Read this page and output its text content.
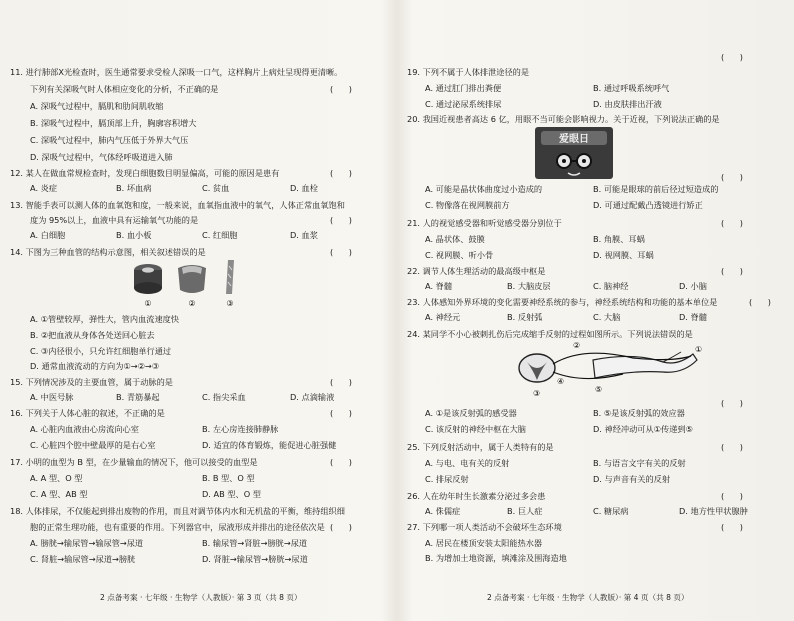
11. 进行肺部X光检查时，医生通常要求受检人深吸一口气，这样胸片上病灶呈现得更清晰。
下列有关深吸气时人体相应变化的分析，不正确的是	(      )
A. 深吸气过程中，膈肌和肋间肌收缩
B. 深吸气过程中，膈顶部上升，胸廓容积增大
C. 深吸气过程中，肺内气压低于外界大气压
D. 深吸气过程中，气体经呼吸道进入肺
12. 某人在做血常规检查时，发现白细胞数目明显偏高，可能的原因是患有	(      )
A. 炎症	B. 坏血病	C. 贫血	D. 血栓
13. 智能手表可以测人体的血氧饱和度，一般来说，血氧指血液中的氧气，人体正常血氧饱和
度为 95%以上，血液中具有运输氧气功能的是	(      )
A. 白细胞	B. 血小板	C. 红细胞	D. 血浆
14. 下图为三种血管的结构示意图，相关叙述错误的是	(      )
①	②	③
A. ①管壁较厚，弹性大，管内血流速度快
B. ②把血液从身体各处送回心脏去
C. ③内径很小，只允许红细胞单行通过
D. 通常血液流动的方向为①→②→③
15. 下列情况涉及的主要血管，属于动脉的是	(      )
A. 中医号脉	B. 青筋暴起	C. 指尖采血	D. 点滴输液
16. 下列关于人体心脏的叙述，不正确的是	(      )
A. 心脏内血液由心房流向心室	B. 左心房连接肺静脉
C. 心脏四个腔中壁最厚的是右心室	D. 适宜的体育锻炼，能促进心脏强健
17. 小明的血型为 B 型，在少量输血的情况下，他可以接受的血型是	(      )
A. A 型、O 型	B. B 型、O 型
C. A 型、AB 型	D. AB 型、O 型
18. 人体排尿，不仅能起到排出废物的作用，而且对调节体内水和无机盐的平衡，维持组织细
胞的正常生理功能，也有重要的作用。下列器官中，尿液形成并排出的途径依次是 (      )
A. 膀胱→输尿管→输尿管→尿道	B. 输尿管→肾脏→膀胱→尿道
C. 肾脏→输尿管→尿道→膀胱	D. 肾脏→输尿管→膀胱→尿道
2 点备考案 · 七年级 · 生物学（人教版）· 第 3 页（共 8 页）
(      )
19. 下列不属于人体排泄途径的是
A. 通过肛门排出粪便	B. 通过呼吸系统呼气
C. 通过泌尿系统排尿	D. 由皮肤排出汗液
20. 我国近视患者高达 6 亿，用眼不当可能会影响视力。关于近视，下列说法正确的是
爱眼日
(      )
A. 可能是晶状体曲度过小造成的	B. 可能是眼球的前后径过短造成的
C. 物像落在视网膜前方	D. 可通过配戴凸透镜进行矫正
21. 人的视觉感受器和听觉感受器分别位于	(      )
A. 晶状体、鼓膜	B. 角膜、耳蜗
C. 视网膜、听小骨	D. 视网膜、耳蜗
22. 调节人体生理活动的最高级中枢是	(      )
A. 脊髓	B. 大脑皮层	C. 脑神经	D. 小脑
23. 人体感知外界环境的变化需要神经系统的参与，神经系统结构和功能的基本单位是	(      )
A. 神经元	B. 反射弧	C. 大脑	D. 脊髓
24. 某同学不小心被刺扎伤后完成缩手反射的过程如图所示。下列说法错误的是
①
②
③
④
⑤
(      )
A. ①是该反射弧的感受器	B. ⑤是该反射弧的效应器
C. 该反射的神经中枢在大脑	D. 神经冲动可从①传递到⑤
25. 下列反射活动中，属于人类特有的是	(      )
A. 与电、电有关的反射	B. 与语言文字有关的反射
C. 排尿反射	D. 与声音有关的反射
26. 人在幼年时生长激素分泌过多会患	(      )
A. 侏儒症	B. 巨人症	C. 糖尿病	D. 地方性甲状腺肿
27. 下列哪一项人类活动不会破坏生态环境	(      )
A. 居民在楼顶安装太阳能热水器
B. 为增加土地资源，填滩涂及围海造地
2 点备考案 · 七年级 · 生物学（人教版）· 第 4 页（共 8 页）
